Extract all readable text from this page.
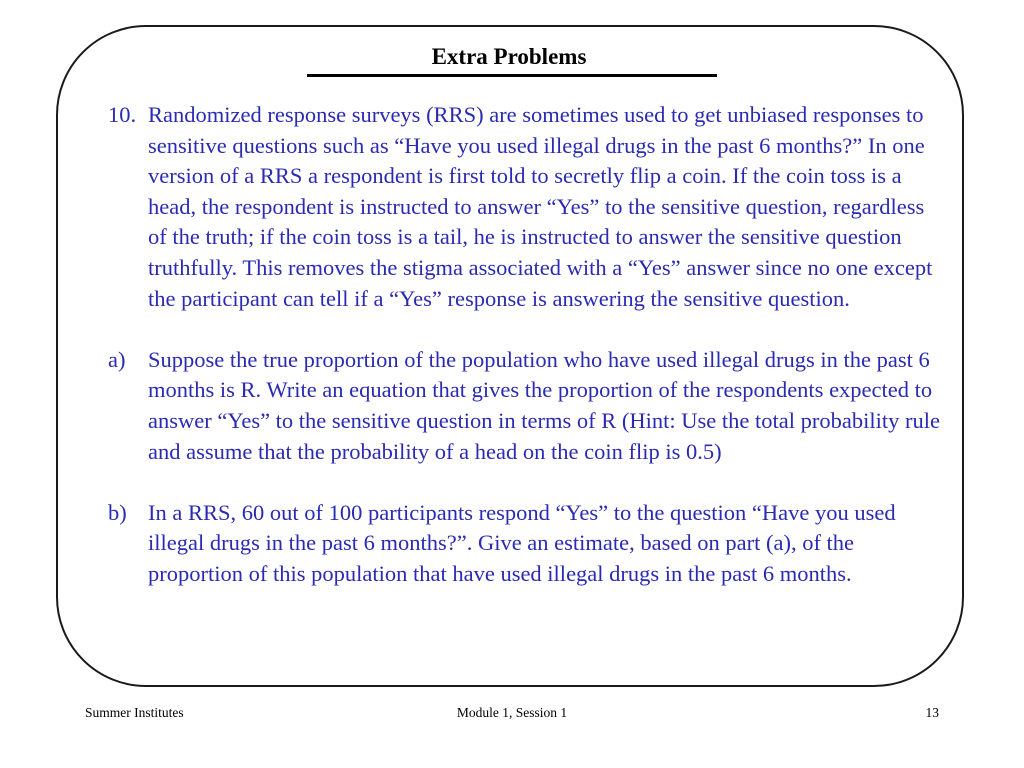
Extra Problems
10. Randomized response surveys (RRS) are sometimes used to get unbiased responses to sensitive questions such as “Have you used illegal drugs in the past 6 months?” In one version of a RRS a respondent is first told to secretly flip a coin. If the coin toss is a head, the respondent is instructed to answer “Yes” to the sensitive question, regardless of the truth; if the coin toss is a tail, he is instructed to answer the sensitive question truthfully. This removes the stigma associated with a “Yes” answer since no one except the participant can tell if a “Yes” response is answering the sensitive question.
a)	Suppose the true proportion of the population who have used illegal drugs in the past 6 months is R. Write an equation that gives the proportion of the respondents expected to answer “Yes” to the sensitive question in terms of R (Hint: Use the total probability rule and assume that the probability of a head on the coin flip is 0.5)
b) In a RRS, 60 out of 100 participants respond “Yes” to the question “Have you used illegal drugs in the past 6 months?”. Give an estimate, based on part (a), of the proportion of this population that have used illegal drugs in the past 6 months.
Summer Institutes	Module 1, Session 1	13
